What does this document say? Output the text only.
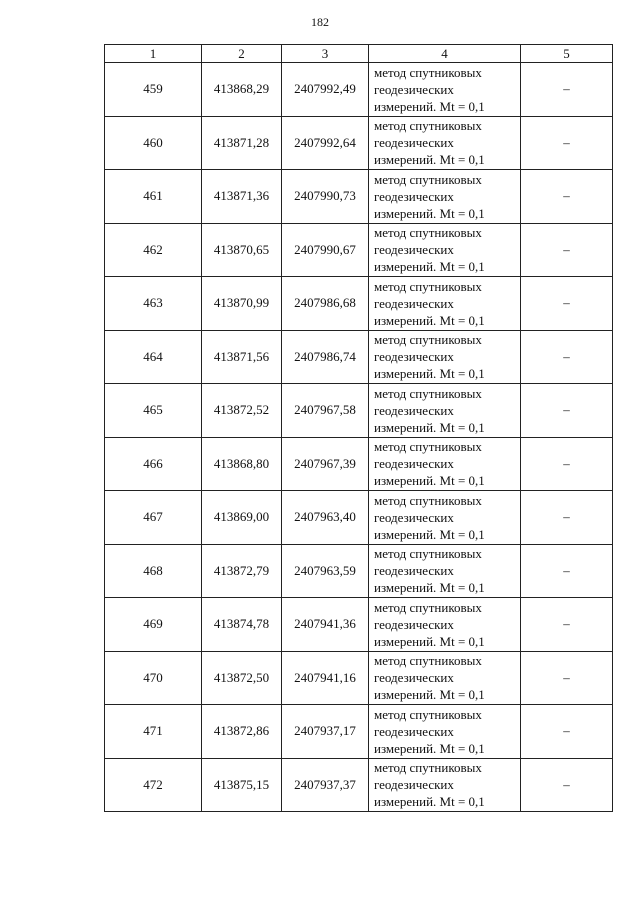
182
1	2	3	4	5
459	413868,29	2407992,49	метод спутниковых
геодезических
измерений. Mt = 0,1	–
460	413871,28	2407992,64	метод спутниковых
геодезических
измерений. Mt = 0,1	–
461	413871,36	2407990,73	метод спутниковых
геодезических
измерений. Mt = 0,1	–
462	413870,65	2407990,67	метод спутниковых
геодезических
измерений. Mt = 0,1	–
463	413870,99	2407986,68	метод спутниковых
геодезических
измерений. Mt = 0,1	–
464	413871,56	2407986,74	метод спутниковых
геодезических
измерений. Mt = 0,1	–
465	413872,52	2407967,58	метод спутниковых
геодезических
измерений. Mt = 0,1	–
466	413868,80	2407967,39	метод спутниковых
геодезических
измерений. Mt = 0,1	–
467	413869,00	2407963,40	метод спутниковых
геодезических
измерений. Mt = 0,1	–
468	413872,79	2407963,59	метод спутниковых
геодезических
измерений. Mt = 0,1	–
469	413874,78	2407941,36	метод спутниковых
геодезических
измерений. Mt = 0,1	–
470	413872,50	2407941,16	метод спутниковых
геодезических
измерений. Mt = 0,1	–
471	413872,86	2407937,17	метод спутниковых
геодезических
измерений. Mt = 0,1	–
472	413875,15	2407937,37	метод спутниковых
геодезических
измерений. Mt = 0,1	–
